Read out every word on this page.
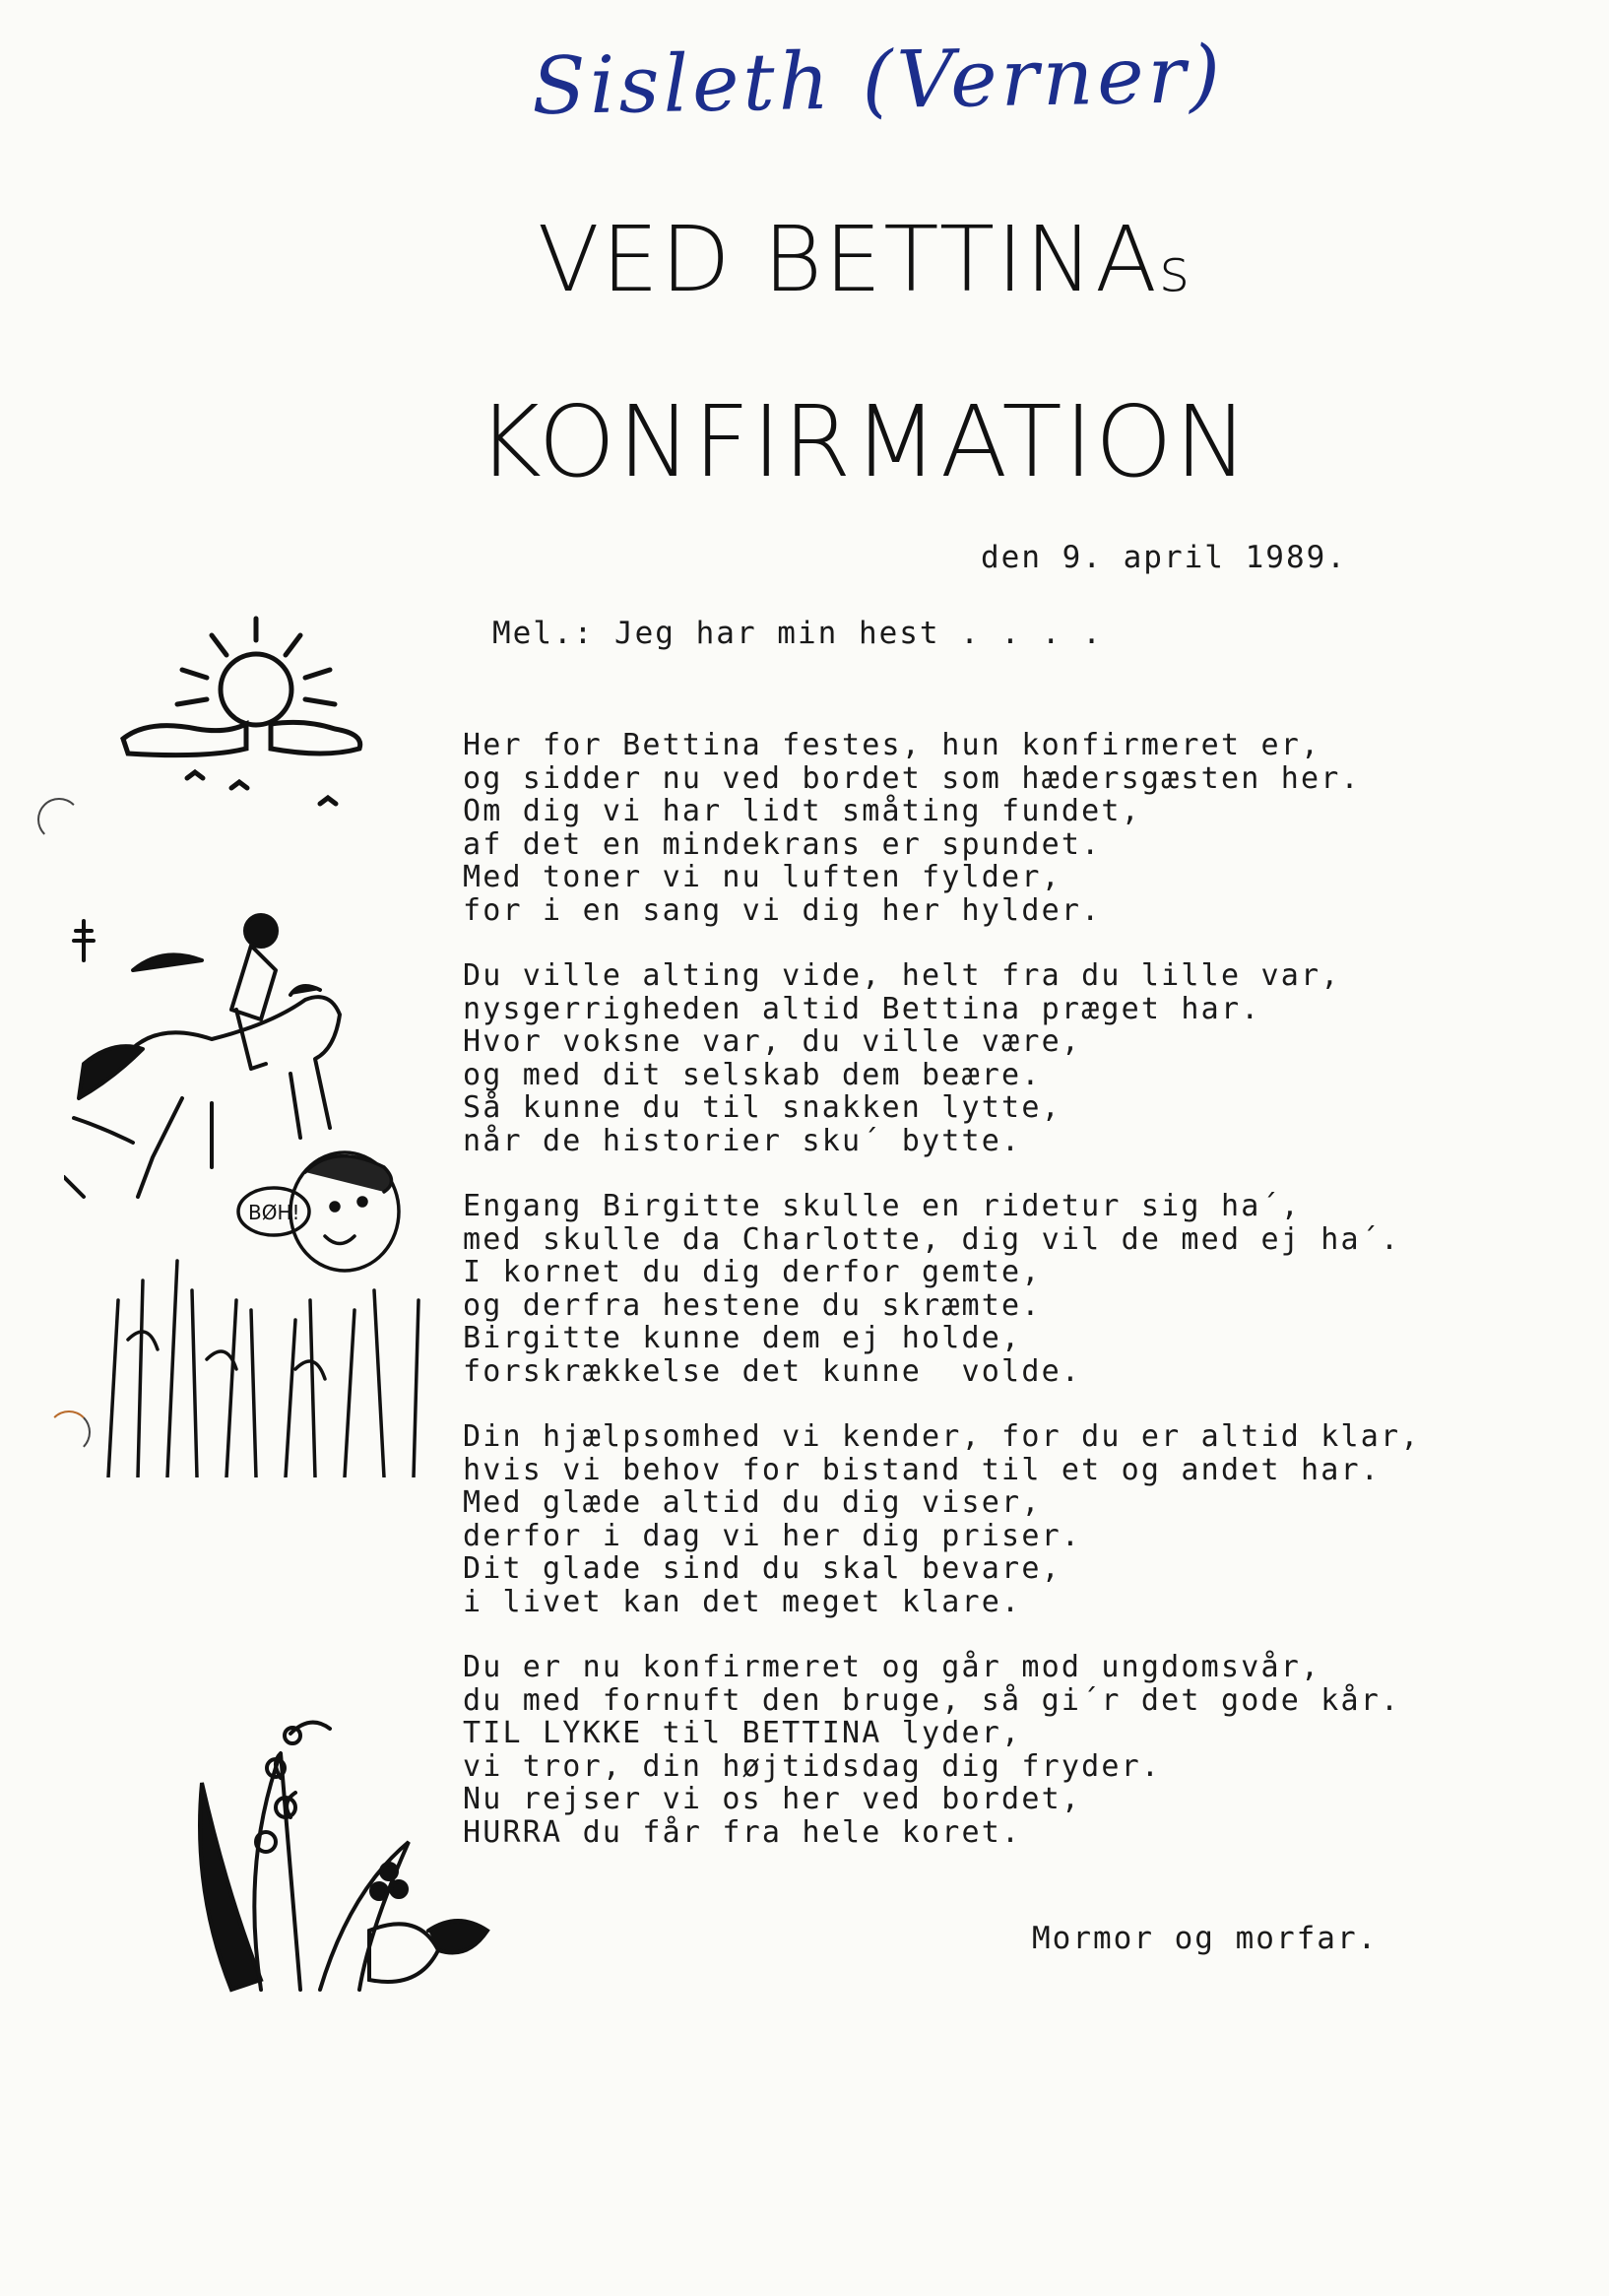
Sisleth (Verner)
VED BETTINAs
KONFIRMATION
den 9. april 1989.
Mel.: Jeg har min hest . . . .
BØH!
Her for Bettina festes, hun konfirmeret er,
og sidder nu ved bordet som hædersgæsten her.
Om dig vi har lidt småting fundet,
af det en mindekrans er spundet.
Med toner vi nu luften fylder,
for i en sang vi dig her hylder.
Du ville alting vide, helt fra du lille var,
nysgerrigheden altid Bettina præget har.
Hvor voksne var, du ville være,
og med dit selskab dem beære.
Så kunne du til snakken lytte,
når de historier sku´ bytte.
Engang Birgitte skulle en ridetur sig ha´,
med skulle da Charlotte, dig vil de med ej ha´.
I kornet du dig derfor gemte,
og derfra hestene du skræmte.
Birgitte kunne dem ej holde,
forskrækkelse det kunne  volde.
Din hjælpsomhed vi kender, for du er altid klar,
hvis vi behov for bistand til et og andet har.
Med glæde altid du dig viser,
derfor i dag vi her dig priser.
Dit glade sind du skal bevare,
i livet kan det meget klare.
Du er nu konfirmeret og går mod ungdomsvår,
du med fornuft den bruge, så gi´r det gode kår.
TIL LYKKE til BETTINA lyder,
vi tror, din højtidsdag dig fryder.
Nu rejser vi os her ved bordet,
HURRA du får fra hele koret.
Mormor og morfar.
